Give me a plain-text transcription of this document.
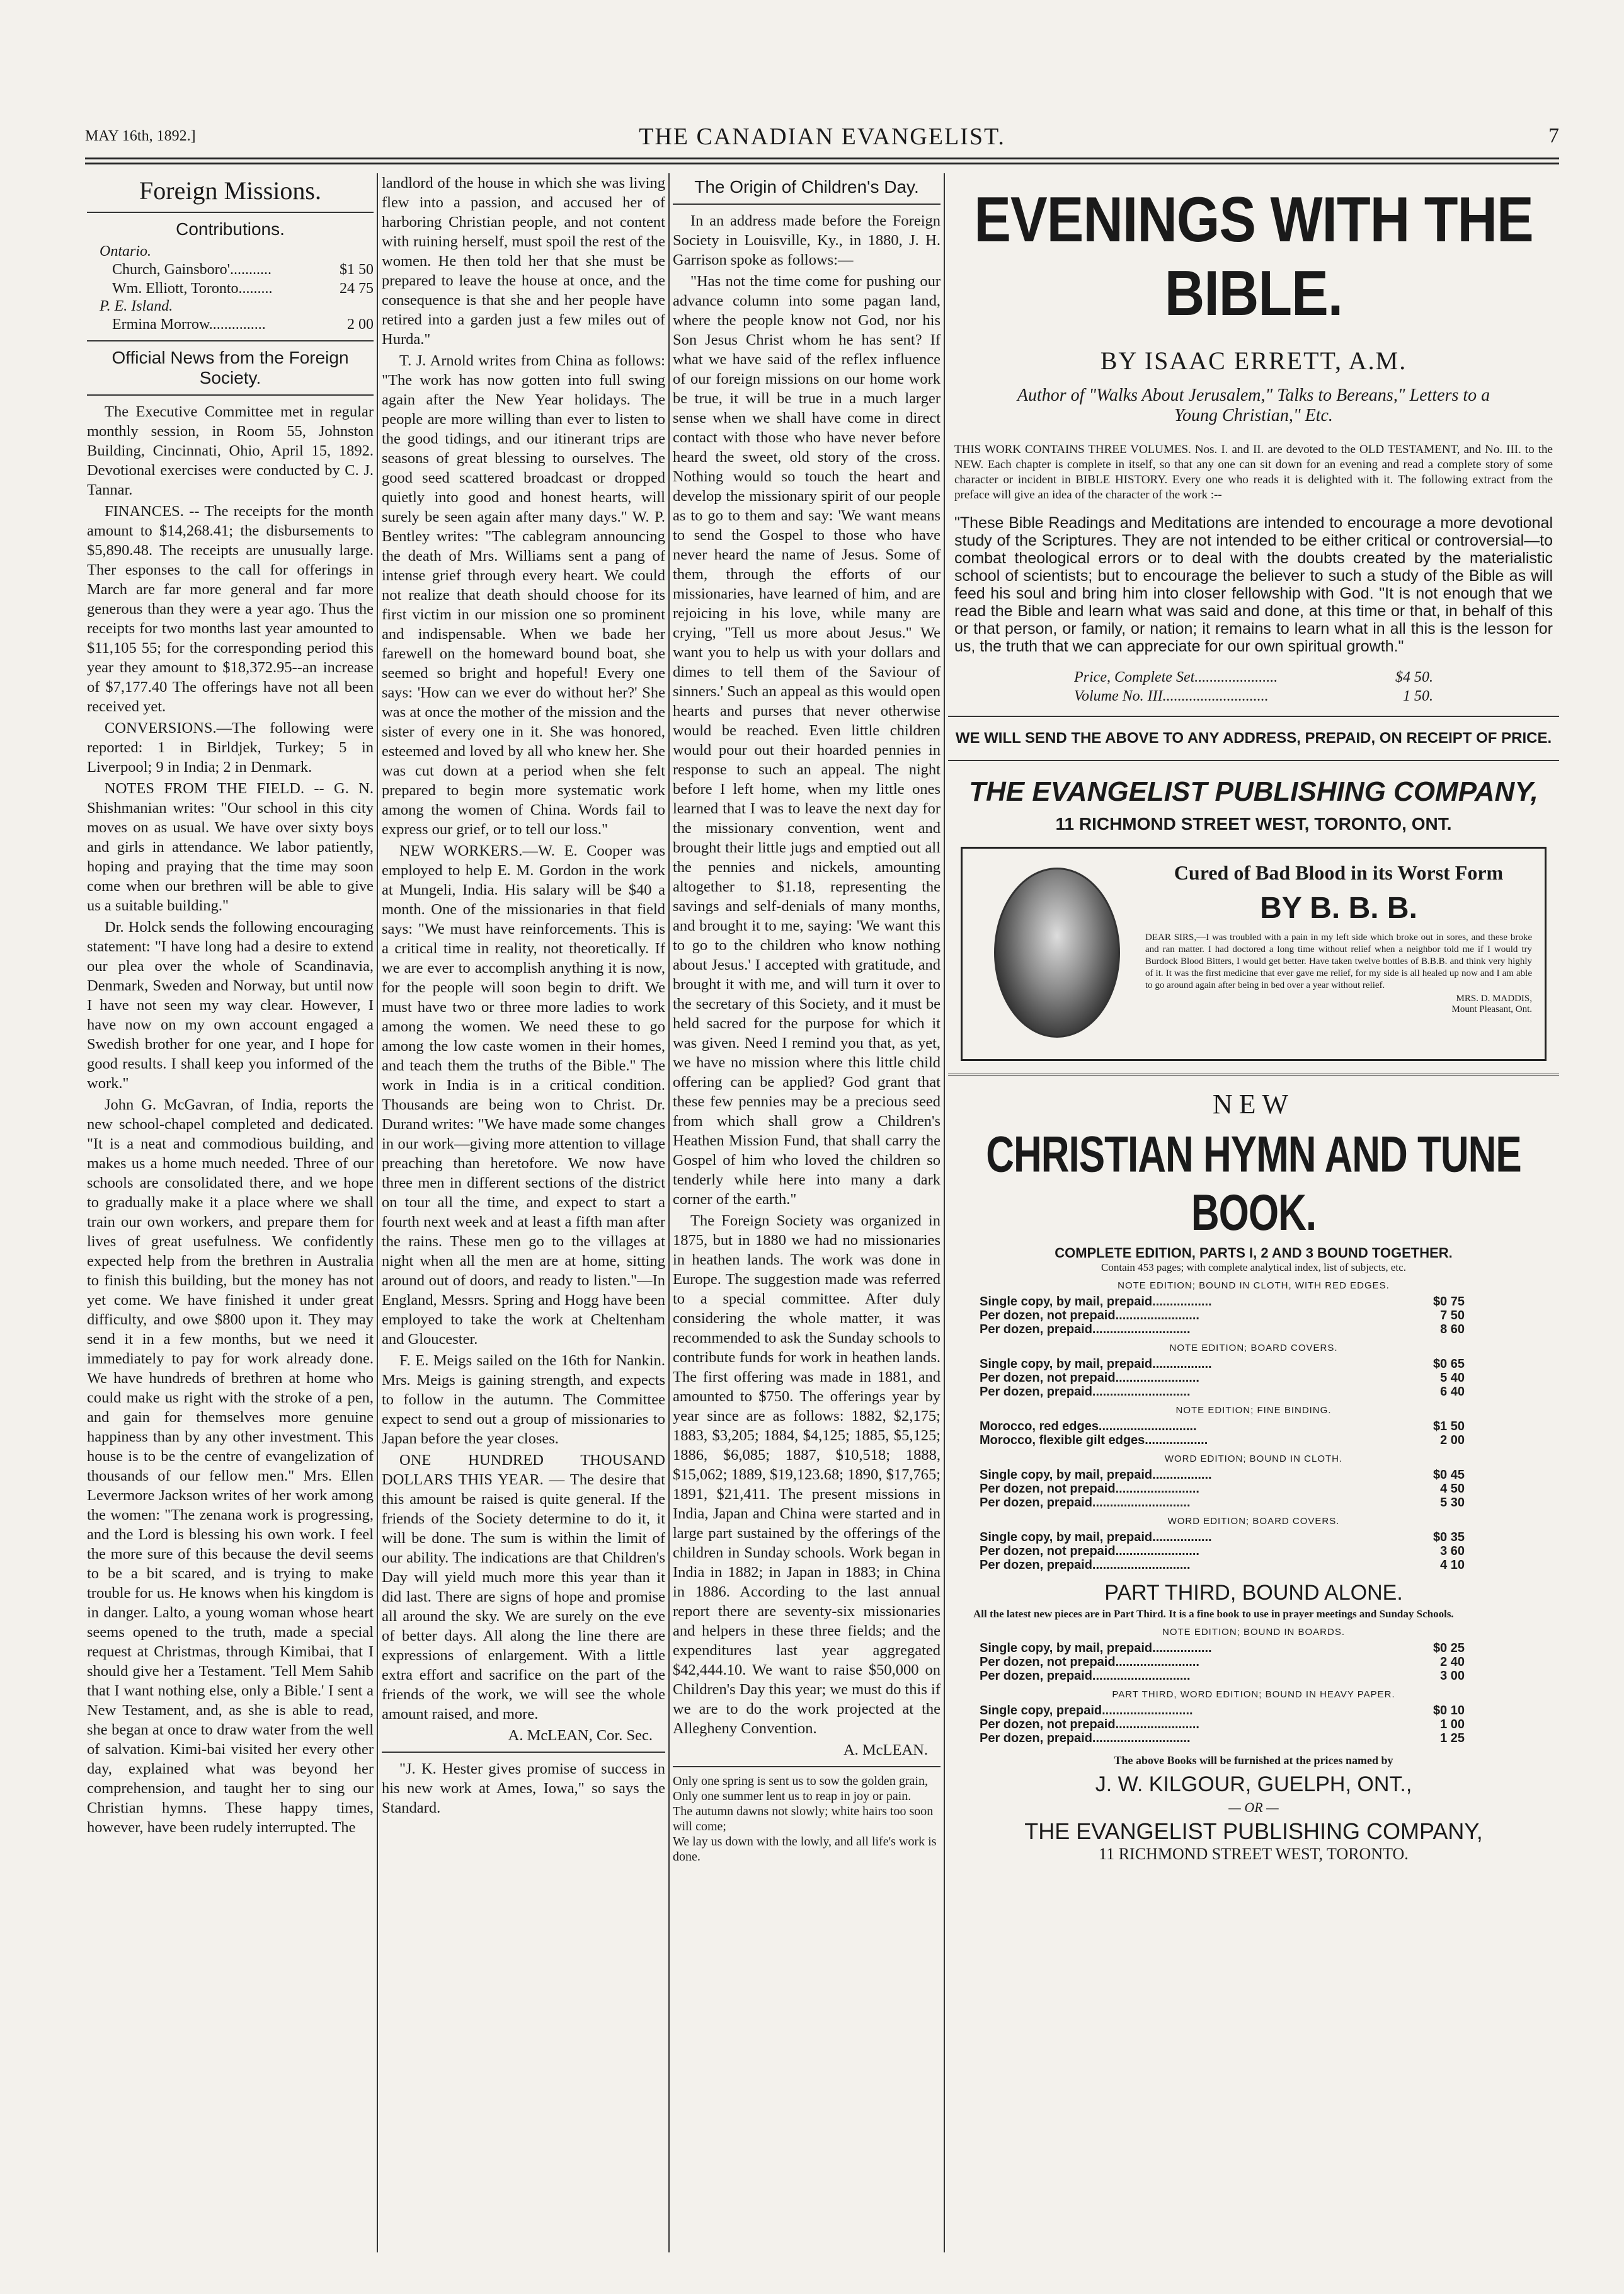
MAY 16th, 1892.]	THE CANADIAN EVANGELIST.	7
Foreign Missions.
Contributions.
Ontario.
Church, Gainsboro'...........	$1 50
Wm. Elliott, Toronto.........	24 75
P. E. Island.
Ermina Morrow...............	2 00
Official News from the Foreign Society.

The Executive Committee met in regular monthly session, in Room 55, Johnston Building, Cincinnati, Ohio, April 15, 1892. Devotional exercises were conducted by C. J. Tannar.

FINANCES. -- The receipts for the month amount to $14,268.41; the disbursements to $5,890.48. The receipts are unusually large. Ther esponses to the call for offerings in March are far more general and far more generous than they were a year ago. Thus the receipts for two months last year amounted to $11,105 55; for the corresponding period this year they amount to $18,372.95--an increase of $7,177.40 The offerings have not all been received yet.

CONVERSIONS.—The following were reported: 1 in Birldjek, Turkey; 5 in Liverpool; 9 in India; 2 in Denmark.

NOTES FROM THE FIELD. -- G. N. Shishmanian writes: "Our school in this city moves on as usual. We have over sixty boys and girls in attendance. We labor patiently, hoping and praying that the time may soon come when our brethren will be able to give us a suitable building."

Dr. Holck sends the following encouraging statement: "I have long had a desire to extend our plea over the whole of Scandinavia, Denmark, Sweden and Norway, but until now I have not seen my way clear. However, I have now on my own account engaged a Swedish brother for one year, and I hope for good results. I shall keep you informed of the work."

John G. McGavran, of India, reports the new school-chapel completed and dedicated. "It is a neat and commodious building, and makes us a home much needed. Three of our schools are consolidated there, and we hope to gradually make it a place where we shall train our own workers, and prepare them for lives of great usefulness. We confidently expected help from the brethren in Australia to finish this building, but the money has not yet come. We have finished it under great difficulty, and owe $800 upon it. They may send it in a few months, but we need it immediately to pay for work already done. We have hundreds of brethren at home who could make us right with the stroke of a pen, and gain for themselves more genuine happiness than by any other investment. This house is to be the centre of evangelization of thousands of our fellow men." Mrs. Ellen Levermore Jackson writes of her work among the women: "The zenana work is progressing, and the Lord is blessing his own work. I feel the more sure of this because the devil seems to be a bit scared, and is trying to make trouble for us. He knows when his kingdom is in danger. Lalto, a young woman whose heart seems opened to the truth, made a special request at Christmas, through Kimibai, that I should give her a Testament. 'Tell Mem Sahib that I want nothing else, only a Bible.' I sent a New Testament, and, as she is able to read, she began at once to draw water from the well of salvation. Kimi-bai visited her every other day, explained what was beyond her comprehension, and taught her to sing our Christian hymns. These happy times, however, have been rudely interrupted. The

landlord of the house in which she was living flew into a passion, and accused her of harboring Christian people, and not content with ruining herself, must spoil the rest of the women. He then told her that she must be prepared to leave the house at once, and the consequence is that she and her people have retired into a garden just a few miles out of Hurda."

T. J. Arnold writes from China as follows: "The work has now gotten into full swing again after the New Year holidays. The people are more willing than ever to listen to the good tidings, and our itinerant trips are seasons of great blessing to ourselves. The good seed scattered broadcast or dropped quietly into good and honest hearts, will surely be seen again after many days." W. P. Bentley writes: "The cablegram announcing the death of Mrs. Williams sent a pang of intense grief through every heart. We could not realize that death should choose for its first victim in our mission one so prominent and indispensable. When we bade her farewell on the homeward bound boat, she seemed so bright and hopeful! Every one says: 'How can we ever do without her?' She was at once the mother of the mission and the sister of every one in it. She was honored, esteemed and loved by all who knew her. She was cut down at a period when she felt prepared to begin more systematic work among the women of China. Words fail to express our grief, or to tell our loss."

NEW WORKERS.—W. E. Cooper was employed to help E. M. Gordon in the work at Mungeli, India. His salary will be $40 a month. One of the missionaries in that field says: "We must have reinforcements. This is a critical time in reality, not theoretically. If we are ever to accomplish anything it is now, for the people will soon begin to drift. We must have two or three more ladies to work among the women. We need these to go among the low caste women in their homes, and teach them the truths of the Bible." The work in India is in a critical condition. Thousands are being won to Christ. Dr. Durand writes: "We have made some changes in our work—giving more attention to village preaching than heretofore. We now have three men in different sections of the district on tour all the time, and expect to start a fourth next week and at least a fifth man after the rains. These men go to the villages at night when all the men are at home, sitting around out of doors, and ready to listen."—In England, Messrs. Spring and Hogg have been employed to take the work at Cheltenham and Gloucester.

F. E. Meigs sailed on the 16th for Nankin. Mrs. Meigs is gaining strength, and expects to follow in the autumn. The Committee expect to send out a group of missionaries to Japan before the year closes.

ONE HUNDRED THOUSAND DOLLARS THIS YEAR. — The desire that this amount be raised is quite general. If the friends of the Society determine to do it, it will be done. The sum is within the limit of our ability. The indications are that Children's Day will yield much more this year than it did last. There are signs of hope and promise all around the sky. We are surely on the eve of better days. All along the line there are expressions of enlargement. With a little extra effort and sacrifice on the part of the friends of the work, we will see the whole amount raised, and more.

A. McLEAN, Cor. Sec.

"J. K. Hester gives promise of success in his new work at Ames, Iowa," so says the Standard.

The Origin of Children's Day.

In an address made before the Foreign Society in Louisville, Ky., in 1880, J. H. Garrison spoke as follows:—

"Has not the time come for pushing our advance column into some pagan land, where the people know not God, nor his Son Jesus Christ whom he has sent? If what we have said of the reflex influence of our foreign missions on our home work be true, it will be true in a much larger sense when we shall have come in direct contact with those who have never before heard the sweet, old story of the cross. Nothing would so touch the heart and develop the missionary spirit of our people as to go to them and say: 'We want means to send the Gospel to those who have never heard the name of Jesus. Some of them, through the efforts of our missionaries, have learned of him, and are rejoicing in his love, while many are crying, "Tell us more about Jesus." We want you to help us with your dollars and dimes to tell them of the Saviour of sinners.' Such an appeal as this would open hearts and purses that never otherwise would be reached. Even little children would pour out their hoarded pennies in response to such an appeal. The night before I left home, when my little ones learned that I was to leave the next day for the missionary convention, went and brought their little jugs and emptied out all the pennies and nickels, amounting altogether to $1.18, representing the savings and self-denials of many months, and brought it to me, saying: 'We want this to go to the children who know nothing about Jesus.' I accepted with gratitude, and brought it with me, and will turn it over to the secretary of this Society, and it must be held sacred for the purpose for which it was given. Need I remind you that, as yet, we have no mission where this little child offering can be applied? God grant that these few pennies may be a precious seed from which shall grow a Children's Heathen Mission Fund, that shall carry the Gospel of him who loved the children so tenderly while here into many a dark corner of the earth."

The Foreign Society was organized in 1875, but in 1880 we had no missionaries in heathen lands. The work was done in Europe. The suggestion made was referred to a special committee. After duly considering the whole matter, it was recommended to ask the Sunday schools to contribute funds for work in heathen lands. The first offering was made in 1881, and amounted to $750. The offerings year by year since are as follows: 1882, $2,175; 1883, $3,205; 1884, $4,125; 1885, $5,125; 1886, $6,085; 1887, $10,518; 1888, $15,062; 1889, $19,123.68; 1890, $17,765; 1891, $21,411. The present missions in India, Japan and China were started and in large part sustained by the offerings of the children in Sunday schools. Work began in India in 1882; in Japan in 1883; in China in 1886. According to the last annual report there are seventy-six missionaries and helpers in these three fields; and the expenditures last year aggregated $42,444.10. We want to raise $50,000 on Children's Day this year; we must do this if we are to do the work projected at the Allegheny Convention.

A. McLEAN.

Only one spring is sent us to sow the golden grain,
Only one summer lent us to reap in joy or pain.
The autumn dawns not slowly; white hairs too soon will come;
We lay us down with the lowly, and all life's work is done.
EVENINGS WITH THE BIBLE.
BY ISAAC ERRETT, A.M.
Author of "Walks About Jerusalem," Talks to Bereans," Letters to a Young Christian," Etc.

THIS WORK CONTAINS THREE VOLUMES. Nos. I. and II. are devoted to the OLD TESTAMENT, and No. III. to the NEW. Each chapter is complete in itself, so that any one can sit down for an evening and read a complete story of some character or incident in BIBLE HISTORY. Every one who reads it is delighted with it. The following extract from the preface will give an idea of the character of the work :--

"These Bible Readings and Meditations are intended to encourage a more devotional study of the Scriptures. They are not intended to be either critical or controversial—to combat theological errors or to deal with the doubts created by the materialistic school of scientists; but to encourage the believer to such a study of the Bible as will feed his soul and bring him into closer fellowship with God. "It is not enough that we read the Bible and learn what was said and done, at this time or that, in behalf of this or that person, or family, or nation; it remains to learn what in all this is the lesson for us, the truth that we can appreciate for our own spiritual growth."

Price, Complete Set......................	$4 50.
Volume No. III............................	1 50.
WE WILL SEND THE ABOVE TO ANY ADDRESS, PREPAID, ON RECEIPT OF PRICE.
THE EVANGELIST PUBLISHING COMPANY,
11 RICHMOND STREET WEST, TORONTO, ONT.
Cured of Bad Blood in its Worst Form
BY B. B. B.

DEAR SIRS,—I was troubled with a pain in my left side which broke out in sores, and these broke and ran matter. I had doctored a long time without relief when a neighbor told me if I would try Burdock Blood Bitters, I would get better. Have taken twelve bottles of B.B.B. and think very highly of it. It was the first medicine that ever gave me relief, for my side is all healed up now and I am able to go around again after being in bed over a year without relief.

MRS. D. MADDIS,
Mount Pleasant, Ont.
NEW
CHRISTIAN HYMN AND TUNE BOOK.
COMPLETE EDITION, PARTS I, 2 AND 3 BOUND TOGETHER.
Contain 453 pages; with complete analytical index, list of subjects, etc.
NOTE EDITION; BOUND IN CLOTH, WITH RED EDGES.
Single copy, by mail, prepaid.................	$0 75
Per dozen, not prepaid........................	7 50
Per dozen, prepaid............................	8 60
NOTE EDITION; BOARD COVERS.
Single copy, by mail, prepaid.................	$0 65
Per dozen, not prepaid........................	5 40
Per dozen, prepaid............................	6 40
NOTE EDITION; FINE BINDING.
Morocco, red edges............................	$1 50
Morocco, flexible gilt edges..................	2 00
WORD EDITION; BOUND IN CLOTH.
Single copy, by mail, prepaid.................	$0 45
Per dozen, not prepaid........................	4 50
Per dozen, prepaid............................	5 30
WORD EDITION; BOARD COVERS.
Single copy, by mail, prepaid.................	$0 35
Per dozen, not prepaid........................	3 60
Per dozen, prepaid............................	4 10
PART THIRD, BOUND ALONE.

All the latest new pieces are in Part Third. It is a fine book to use in prayer meetings and Sunday Schools.

NOTE EDITION; BOUND IN BOARDS.
Single copy, by mail, prepaid.................	$0 25
Per dozen, not prepaid........................	2 40
Per dozen, prepaid............................	3 00
PART THIRD, WORD EDITION; BOUND IN HEAVY PAPER.
Single copy, prepaid..........................	$0 10
Per dozen, not prepaid........................	1 00
Per dozen, prepaid............................	1 25
The above Books will be furnished at the prices named by
J. W. KILGOUR, GUELPH, ONT.,
— OR —
THE EVANGELIST PUBLISHING COMPANY,
11 RICHMOND STREET WEST, TORONTO.
